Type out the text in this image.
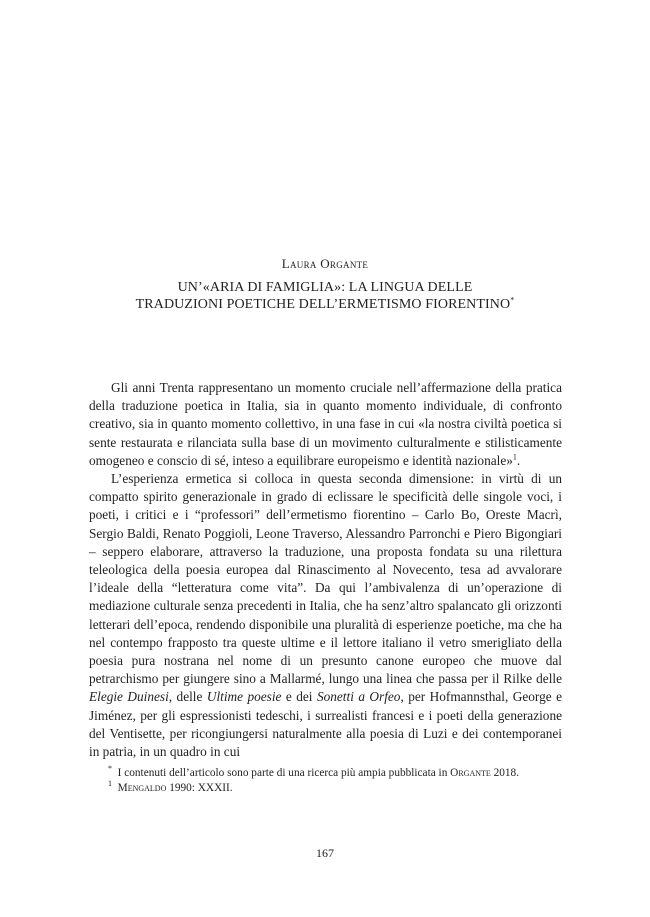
Laura Organte
UN’«ARIA DI FAMIGLIA»: LA LINGUA DELLE
TRADUZIONI POETICHE DELL’ERMETISMO FIORENTINO*

Gli anni Trenta rappresentano un momento cruciale nell’affermazione della pratica della traduzione poetica in Italia, sia in quanto momento individuale, di confronto creativo, sia in quanto momento collettivo, in una fase in cui «la nostra civiltà poetica si sente restaurata e rilanciata sulla base di un movimento culturalmente e stilisticamente omogeneo e conscio di sé, inteso a equilibrare europeismo e identità nazionale»$^1$.

L’esperienza ermetica si colloca in questa seconda dimensione: in virtù di un compatto spirito generazionale in grado di eclissare le specificità delle singole voci, i poeti, i critici e i “professori” dell’ermetismo fiorentino – Carlo Bo, Oreste Macrì, Sergio Baldi, Renato Poggioli, Leone Traverso, Alessandro Parronchi e Piero Bigongiari – seppero elaborare, attraverso la traduzione, una proposta fondata su una rilettura teleologica della poesia europea dal Rinascimento al Novecento, tesa ad avvalorare l’ideale della “letteratura come vita”. Da qui l’ambivalenza di un’operazione di mediazione culturale senza precedenti in Italia, che ha senz’altro spalancato gli orizzonti letterari dell’epoca, rendendo disponibile una pluralità di esperienze poetiche, ma che ha nel contempo frapposto tra queste ultime e il lettore italiano il vetro smerigliato della poesia pura nostrana nel nome di un presunto canone europeo che muove dal petrarchismo per giungere sino a Mallarmé, lungo una linea che passa per il Rilke delle Elegie Duinesi, delle Ultime poesie e dei Sonetti a Orfeo, per Hofmannsthal, George e Jiménez, per gli espressionisti tedeschi, i surrealisti francesi e i poeti della generazione del Ventisette, per ricongiungersi naturalmente alla poesia di Luzi e dei contemporanei in patria, in un quadro in cui

* I contenuti dell’articolo sono parte di una ricerca più ampia pubblicata in Organte 2018.

$^1$ Mengaldo 1990: XXXII.

167
